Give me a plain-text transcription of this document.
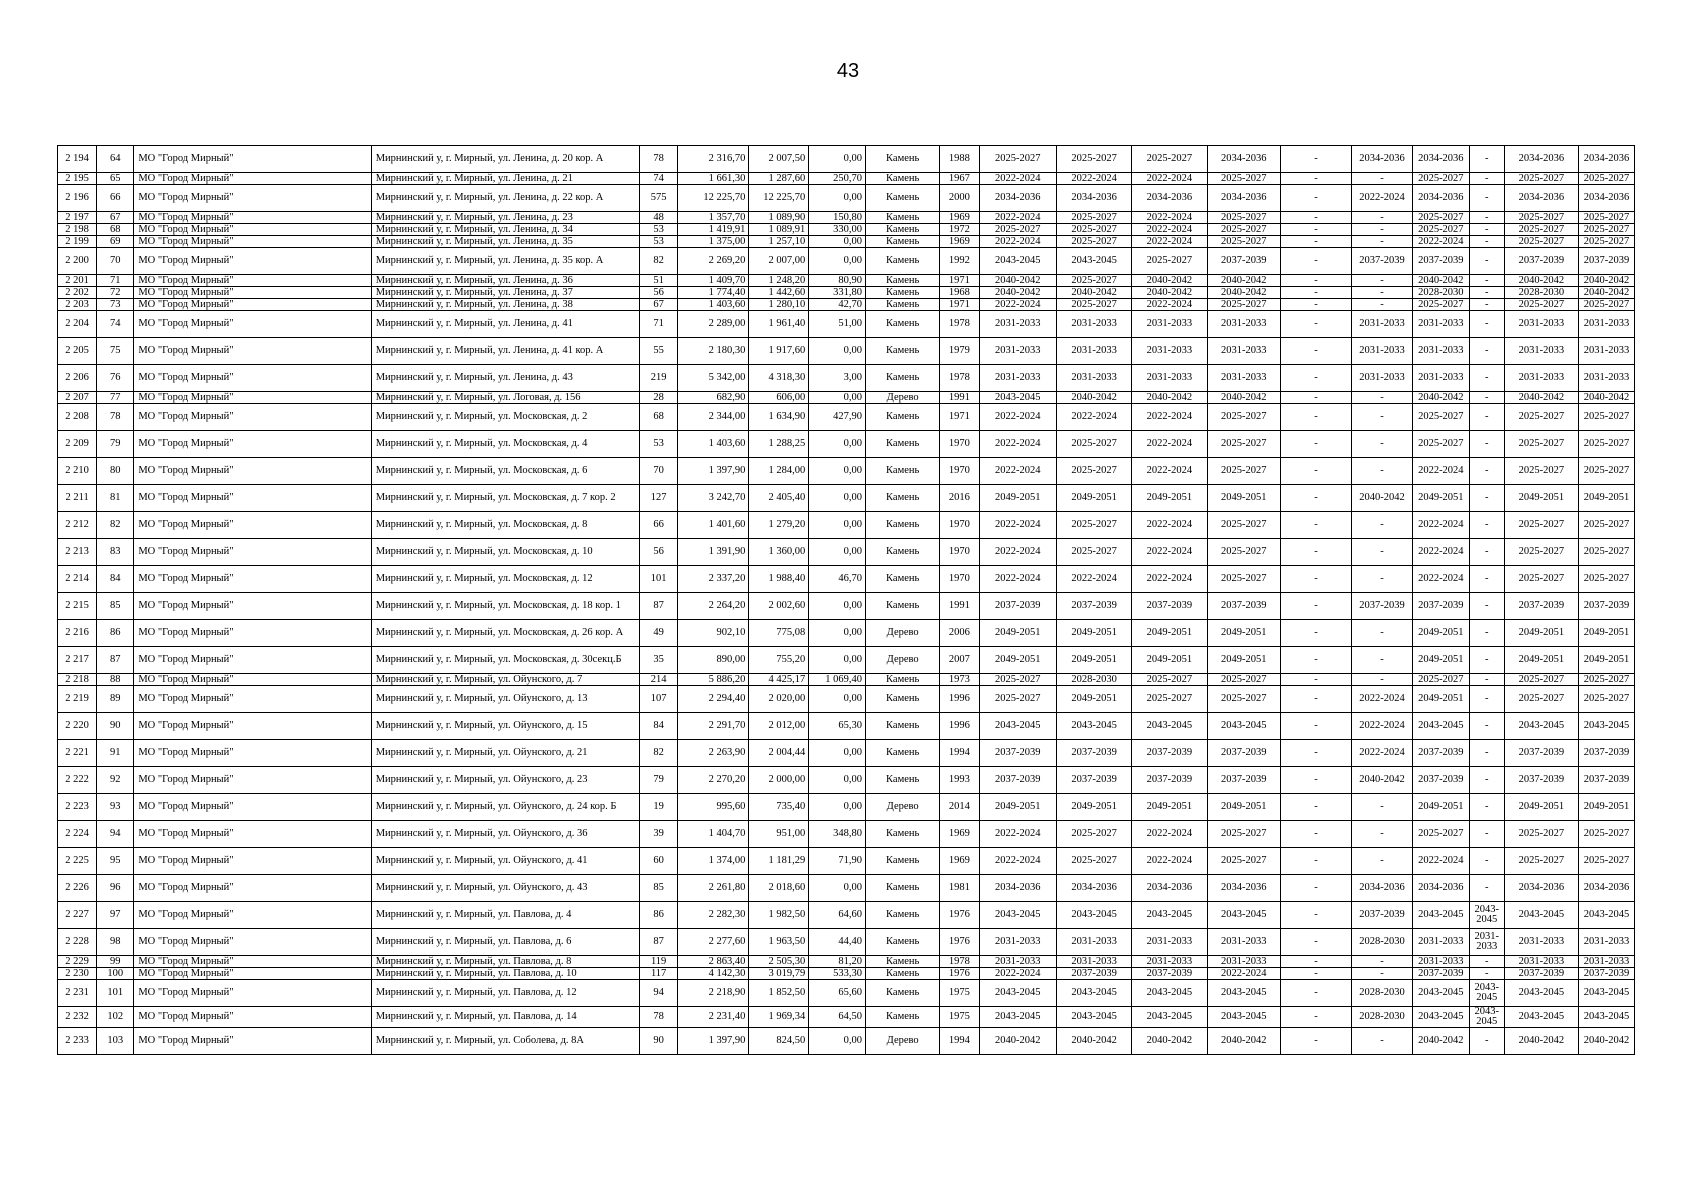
43
2 194	64	МО "Город Мирный"	Мирнинский у, г. Мирный, ул. Ленина, д. 20 кор. А	78	2 316,70	2 007,50	0,00	Камень	1988	2025-2027	2025-2027	2025-2027	2034-2036	-	2034-2036	2034-2036	-	2034-2036	2034-2036
2 195	65	МО "Город Мирный"	Мирнинский у, г. Мирный, ул. Ленина, д. 21	74	1 661,30	1 287,60	250,70	Камень	1967	2022-2024	2022-2024	2022-2024	2025-2027	-	-	2025-2027	-	2025-2027	2025-2027
2 196	66	МО "Город Мирный"	Мирнинский у, г. Мирный, ул. Ленина, д. 22 кор. А	575	12 225,70	12 225,70	0,00	Камень	2000	2034-2036	2034-2036	2034-2036	2034-2036	-	2022-2024	2034-2036	-	2034-2036	2034-2036
2 197	67	МО "Город Мирный"	Мирнинский у, г. Мирный, ул. Ленина, д. 23	48	1 357,70	1 089,90	150,80	Камень	1969	2022-2024	2025-2027	2022-2024	2025-2027	-	-	2025-2027	-	2025-2027	2025-2027
2 198	68	МО "Город Мирный"	Мирнинский у, г. Мирный, ул. Ленина, д. 34	53	1 419,91	1 089,91	330,00	Камень	1972	2025-2027	2025-2027	2022-2024	2025-2027	-	-	2025-2027	-	2025-2027	2025-2027
2 199	69	МО "Город Мирный"	Мирнинский у, г. Мирный, ул. Ленина, д. 35	53	1 375,00	1 257,10	0,00	Камень	1969	2022-2024	2025-2027	2022-2024	2025-2027	-	-	2022-2024	-	2025-2027	2025-2027
2 200	70	МО "Город Мирный"	Мирнинский у, г. Мирный, ул. Ленина, д. 35 кор. А	82	2 269,20	2 007,00	0,00	Камень	1992	2043-2045	2043-2045	2025-2027	2037-2039	-	2037-2039	2037-2039	-	2037-2039	2037-2039
2 201	71	МО "Город Мирный"	Мирнинский у, г. Мирный, ул. Ленина, д. 36	51	1 409,70	1 248,20	80,90	Камень	1971	2040-2042	2025-2027	2040-2042	2040-2042	-	-	2040-2042	-	2040-2042	2040-2042
2 202	72	МО "Город Мирный"	Мирнинский у, г. Мирный, ул. Ленина, д. 37	56	1 774,40	1 442,60	331,80	Камень	1968	2040-2042	2040-2042	2040-2042	2040-2042	-	-	2028-2030	-	2028-2030	2040-2042
2 203	73	МО "Город Мирный"	Мирнинский у, г. Мирный, ул. Ленина, д. 38	67	1 403,60	1 280,10	42,70	Камень	1971	2022-2024	2025-2027	2022-2024	2025-2027	-	-	2025-2027	-	2025-2027	2025-2027
2 204	74	МО "Город Мирный"	Мирнинский у, г. Мирный, ул. Ленина, д. 41	71	2 289,00	1 961,40	51,00	Камень	1978	2031-2033	2031-2033	2031-2033	2031-2033	-	2031-2033	2031-2033	-	2031-2033	2031-2033
2 205	75	МО "Город Мирный"	Мирнинский у, г. Мирный, ул. Ленина, д. 41 кор. А	55	2 180,30	1 917,60	0,00	Камень	1979	2031-2033	2031-2033	2031-2033	2031-2033	-	2031-2033	2031-2033	-	2031-2033	2031-2033
2 206	76	МО "Город Мирный"	Мирнинский у, г. Мирный, ул. Ленина, д. 43	219	5 342,00	4 318,30	3,00	Камень	1978	2031-2033	2031-2033	2031-2033	2031-2033	-	2031-2033	2031-2033	-	2031-2033	2031-2033
2 207	77	МО "Город Мирный"	Мирнинский у, г. Мирный, ул. Логовая, д. 156	28	682,90	606,00	0,00	Дерево	1991	2043-2045	2040-2042	2040-2042	2040-2042	-	-	2040-2042	-	2040-2042	2040-2042
2 208	78	МО "Город Мирный"	Мирнинский у, г. Мирный, ул. Московская, д. 2	68	2 344,00	1 634,90	427,90	Камень	1971	2022-2024	2022-2024	2022-2024	2025-2027	-	-	2025-2027	-	2025-2027	2025-2027
2 209	79	МО "Город Мирный"	Мирнинский у, г. Мирный, ул. Московская, д. 4	53	1 403,60	1 288,25	0,00	Камень	1970	2022-2024	2025-2027	2022-2024	2025-2027	-	-	2025-2027	-	2025-2027	2025-2027
2 210	80	МО "Город Мирный"	Мирнинский у, г. Мирный, ул. Московская, д. 6	70	1 397,90	1 284,00	0,00	Камень	1970	2022-2024	2025-2027	2022-2024	2025-2027	-	-	2022-2024	-	2025-2027	2025-2027
2 211	81	МО "Город Мирный"	Мирнинский у, г. Мирный, ул. Московская, д. 7 кор. 2	127	3 242,70	2 405,40	0,00	Камень	2016	2049-2051	2049-2051	2049-2051	2049-2051	-	2040-2042	2049-2051	-	2049-2051	2049-2051
2 212	82	МО "Город Мирный"	Мирнинский у, г. Мирный, ул. Московская, д. 8	66	1 401,60	1 279,20	0,00	Камень	1970	2022-2024	2025-2027	2022-2024	2025-2027	-	-	2022-2024	-	2025-2027	2025-2027
2 213	83	МО "Город Мирный"	Мирнинский у, г. Мирный, ул. Московская, д. 10	56	1 391,90	1 360,00	0,00	Камень	1970	2022-2024	2025-2027	2022-2024	2025-2027	-	-	2022-2024	-	2025-2027	2025-2027
2 214	84	МО "Город Мирный"	Мирнинский у, г. Мирный, ул. Московская, д. 12	101	2 337,20	1 988,40	46,70	Камень	1970	2022-2024	2022-2024	2022-2024	2025-2027	-	-	2022-2024	-	2025-2027	2025-2027
2 215	85	МО "Город Мирный"	Мирнинский у, г. Мирный, ул. Московская, д. 18 кор. 1	87	2 264,20	2 002,60	0,00	Камень	1991	2037-2039	2037-2039	2037-2039	2037-2039	-	2037-2039	2037-2039	-	2037-2039	2037-2039
2 216	86	МО "Город Мирный"	Мирнинский у, г. Мирный, ул. Московская, д. 26 кор. А	49	902,10	775,08	0,00	Дерево	2006	2049-2051	2049-2051	2049-2051	2049-2051	-	-	2049-2051	-	2049-2051	2049-2051
2 217	87	МО "Город Мирный"	Мирнинский у, г. Мирный, ул. Московская, д. 30секц.Б	35	890,00	755,20	0,00	Дерево	2007	2049-2051	2049-2051	2049-2051	2049-2051	-	-	2049-2051	-	2049-2051	2049-2051
2 218	88	МО "Город Мирный"	Мирнинский у, г. Мирный, ул. Ойунского, д. 7	214	5 886,20	4 425,17	1 069,40	Камень	1973	2025-2027	2028-2030	2025-2027	2025-2027	-	-	2025-2027	-	2025-2027	2025-2027
2 219	89	МО "Город Мирный"	Мирнинский у, г. Мирный, ул. Ойунского, д. 13	107	2 294,40	2 020,00	0,00	Камень	1996	2025-2027	2049-2051	2025-2027	2025-2027	-	2022-2024	2049-2051	-	2025-2027	2025-2027
2 220	90	МО "Город Мирный"	Мирнинский у, г. Мирный, ул. Ойунского, д. 15	84	2 291,70	2 012,00	65,30	Камень	1996	2043-2045	2043-2045	2043-2045	2043-2045	-	2022-2024	2043-2045	-	2043-2045	2043-2045
2 221	91	МО "Город Мирный"	Мирнинский у, г. Мирный, ул. Ойунского, д. 21	82	2 263,90	2 004,44	0,00	Камень	1994	2037-2039	2037-2039	2037-2039	2037-2039	-	2022-2024	2037-2039	-	2037-2039	2037-2039
2 222	92	МО "Город Мирный"	Мирнинский у, г. Мирный, ул. Ойунского, д. 23	79	2 270,20	2 000,00	0,00	Камень	1993	2037-2039	2037-2039	2037-2039	2037-2039	-	2040-2042	2037-2039	-	2037-2039	2037-2039
2 223	93	МО "Город Мирный"	Мирнинский у, г. Мирный, ул. Ойунского, д. 24 кор. Б	19	995,60	735,40	0,00	Дерево	2014	2049-2051	2049-2051	2049-2051	2049-2051	-	-	2049-2051	-	2049-2051	2049-2051
2 224	94	МО "Город Мирный"	Мирнинский у, г. Мирный, ул. Ойунского, д. 36	39	1 404,70	951,00	348,80	Камень	1969	2022-2024	2025-2027	2022-2024	2025-2027	-	-	2025-2027	-	2025-2027	2025-2027
2 225	95	МО "Город Мирный"	Мирнинский у, г. Мирный, ул. Ойунского, д. 41	60	1 374,00	1 181,29	71,90	Камень	1969	2022-2024	2025-2027	2022-2024	2025-2027	-	-	2022-2024	-	2025-2027	2025-2027
2 226	96	МО "Город Мирный"	Мирнинский у, г. Мирный, ул. Ойунского, д. 43	85	2 261,80	2 018,60	0,00	Камень	1981	2034-2036	2034-2036	2034-2036	2034-2036	-	2034-2036	2034-2036	-	2034-2036	2034-2036
2 227	97	МО "Город Мирный"	Мирнинский у, г. Мирный, ул. Павлова, д. 4	86	2 282,30	1 982,50	64,60	Камень	1976	2043-2045	2043-2045	2043-2045	2043-2045	-	2037-2039	2043-2045	2043-2045	2043-2045	2043-2045
2 228	98	МО "Город Мирный"	Мирнинский у, г. Мирный, ул. Павлова, д. 6	87	2 277,60	1 963,50	44,40	Камень	1976	2031-2033	2031-2033	2031-2033	2031-2033	-	2028-2030	2031-2033	2031-2033	2031-2033	2031-2033
2 229	99	МО "Город Мирный"	Мирнинский у, г. Мирный, ул. Павлова, д. 8	119	2 863,40	2 505,30	81,20	Камень	1978	2031-2033	2031-2033	2031-2033	2031-2033	-	-	2031-2033	-	2031-2033	2031-2033
2 230	100	МО "Город Мирный"	Мирнинский у, г. Мирный, ул. Павлова, д. 10	117	4 142,30	3 019,79	533,30	Камень	1976	2022-2024	2037-2039	2037-2039	2022-2024	-	-	2037-2039	-	2037-2039	2037-2039
2 231	101	МО "Город Мирный"	Мирнинский у, г. Мирный, ул. Павлова, д. 12	94	2 218,90	1 852,50	65,60	Камень	1975	2043-2045	2043-2045	2043-2045	2043-2045	-	2028-2030	2043-2045	2043-2045	2043-2045	2043-2045
2 232	102	МО "Город Мирный"	Мирнинский у, г. Мирный, ул. Павлова, д. 14	78	2 231,40	1 969,34	64,50	Камень	1975	2043-2045	2043-2045	2043-2045	2043-2045	-	2028-2030	2043-2045	2043-2045	2043-2045	2043-2045
2 233	103	МО "Город Мирный"	Мирнинский у, г. Мирный, ул. Соболева, д. 8А	90	1 397,90	824,50	0,00	Дерево	1994	2040-2042	2040-2042	2040-2042	2040-2042	-	-	2040-2042	-	2040-2042	2040-2042
